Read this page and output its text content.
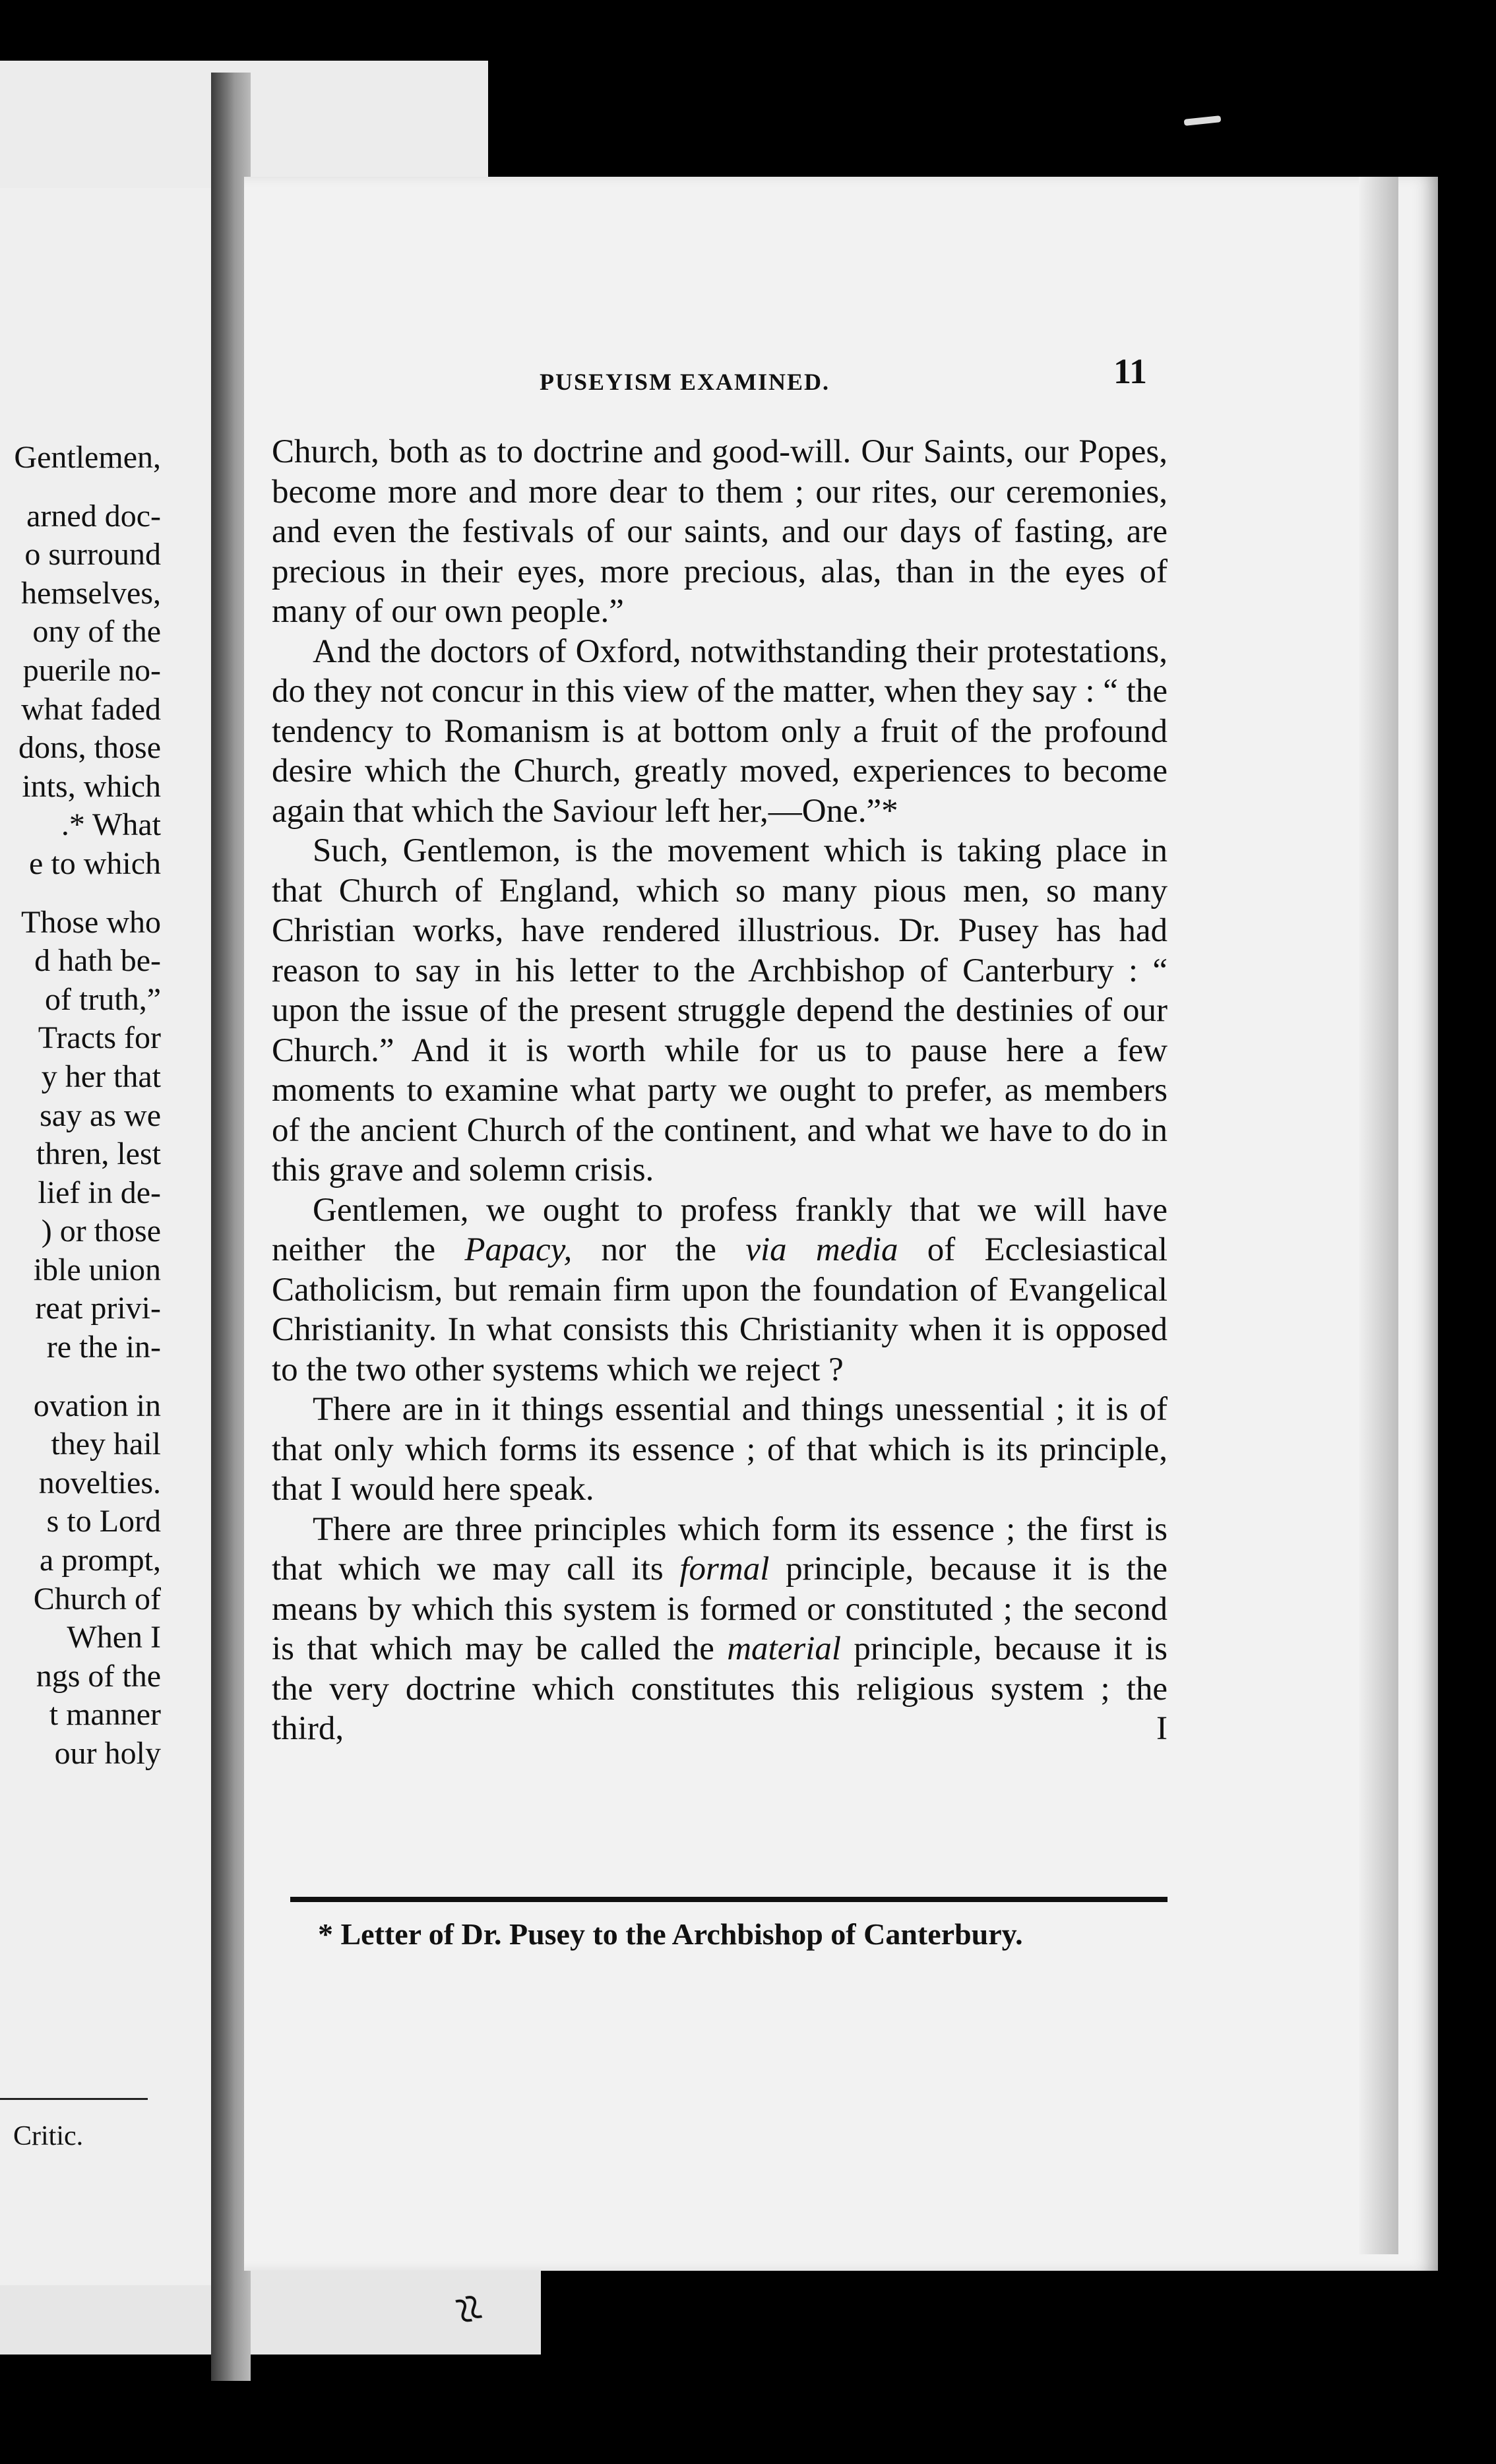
Gentlemen,
arned doc-
o surround
hemselves,
ony of the
puerile no-
what faded
dons, those
ints, which
.* What
e to which
Those who
d hath be-
of truth,”
Tracts for
y her that
say as we
thren, lest
lief in de-
) or those
ible union
reat privi-
re the in-
ovation in
they hail
novelties.
s to Lord
a prompt,
Church of
When I
ngs of the
t manner
our holy
Critic.
PUSEYISM EXAMINED.	11

Church, both as to doctrine and good-will. Our Saints, our Popes, become more and more dear to them ; our rites, our ceremonies, and even the festivals of our saints, and our days of fasting, are precious in their eyes, more precious, alas, than in the eyes of many of our own people.”

And the doctors of Oxford, notwithstanding their protestations, do they not concur in this view of the matter, when they say : “ the tendency to Romanism is at bottom only a fruit of the profound desire which the Church, greatly moved, experiences to become again that which the Saviour left her,—One.”*

Such, Gentlemon, is the movement which is taking place in that Church of England, which so many pious men, so many Christian works, have rendered illustrious. Dr. Pusey has had reason to say in his letter to the Archbishop of Canterbury : “ upon the issue of the present struggle depend the destinies of our Church.” And it is worth while for us to pause here a few moments to examine what party we ought to prefer, as members of the ancient Church of the continent, and what we have to do in this grave and solemn crisis.

Gentlemen, we ought to profess frankly that we will have neither the Papacy, nor the via media of Ecclesiastical Catholicism, but remain firm upon the foundation of Evangelical Christianity. In what consists this Christianity when it is opposed to the two other systems which we reject ?

There are in it things essential and things unessential ; it is of that only which forms its essence ; of that which is its principle, that I would here speak.

There are three principles which form its essence ; the first is that which we may call its formal principle, because it is the means by which this system is formed or constituted ; the second is that which may be called the material principle, because it is the very doctrine which constitutes this religious system ; the third, I

* Letter of Dr. Pusey to the Archbishop of Canterbury.
≈
